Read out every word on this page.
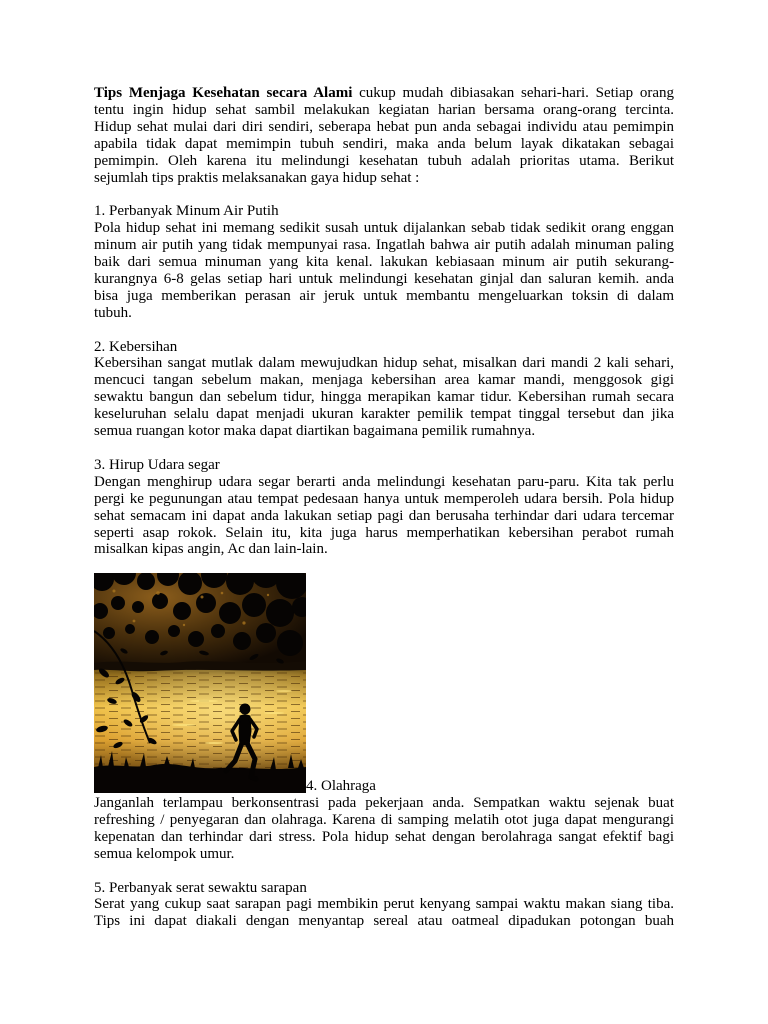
Tips Menjaga Kesehatan secara Alami cukup mudah dibiasakan sehari-hari. Setiap orang
tentu ingin hidup sehat sambil melakukan kegiatan harian bersama orang-orang tercinta.
Hidup sehat mulai dari diri sendiri, seberapa hebat pun anda sebagai individu atau pemimpin
apabila tidak dapat memimpin tubuh sendiri, maka anda belum layak dikatakan sebagai
pemimpin. Oleh karena itu melindungi kesehatan tubuh adalah prioritas utama. Berikut
sejumlah tips praktis melaksanakan gaya hidup sehat :
1. Perbanyak Minum Air Putih
Pola hidup sehat ini memang sedikit susah untuk dijalankan sebab tidak sedikit orang enggan
minum air putih yang tidak mempunyai rasa. Ingatlah bahwa air putih adalah minuman paling
baik dari semua minuman yang kita kenal. lakukan kebiasaan minum air putih sekurang-
kurangnya 6-8 gelas setiap hari untuk melindungi kesehatan ginjal dan saluran kemih. anda
bisa juga memberikan perasan air jeruk untuk membantu mengeluarkan toksin di dalam
tubuh.
2. Kebersihan
Kebersihan sangat mutlak dalam mewujudkan hidup sehat, misalkan dari mandi 2 kali sehari,
mencuci tangan sebelum makan, menjaga kebersihan area kamar mandi, menggosok gigi
sewaktu bangun dan sebelum tidur, hingga merapikan kamar tidur. Kebersihan rumah secara
keseluruhan selalu dapat menjadi ukuran karakter pemilik tempat tinggal tersebut dan jika
semua ruangan kotor maka dapat diartikan bagaimana pemilik rumahnya.
3. Hirup Udara segar
Dengan menghirup udara segar berarti anda melindungi kesehatan paru-paru. Kita tak perlu
pergi ke pegunungan atau tempat pedesaan hanya untuk memperoleh udara bersih. Pola hidup
sehat semacam ini dapat anda lakukan setiap pagi dan berusaha terhindar dari udara tercemar
seperti asap rokok. Selain itu, kita juga harus memperhatikan kebersihan perabot rumah
misalkan kipas angin, Ac dan lain-lain.
4. Olahraga
Janganlah terlampau berkonsentrasi pada pekerjaan anda. Sempatkan waktu sejenak buat
refreshing / penyegaran dan olahraga. Karena di samping melatih otot juga dapat mengurangi
kepenatan dan terhindar dari stress. Pola hidup sehat dengan berolahraga sangat efektif bagi
semua kelompok umur.
5. Perbanyak serat sewaktu sarapan
Serat yang cukup saat sarapan pagi membikin perut kenyang sampai waktu makan siang tiba.
Tips ini dapat diakali dengan menyantap sereal atau oatmeal dipadukan potongan buah
